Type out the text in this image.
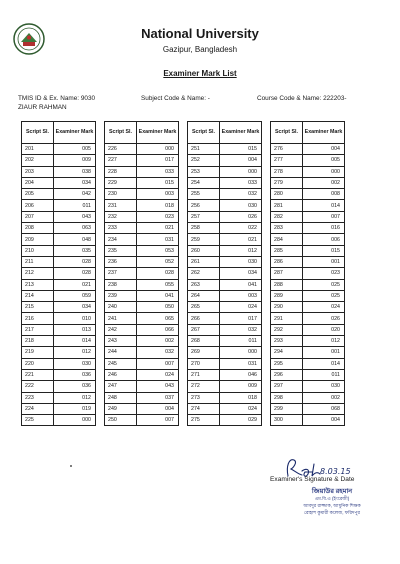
National University
Gazipur, Bangladesh
Examiner Mark List
TMIS ID & Ex. Name: 9030
ZIAUR RAHMAN
Subject Code & Name: -	Course Code & Name: 222203-
Script Sl.	Examiner Mark
201	005
202	009
203	038
204	034
205	042
206	011
207	043
208	063
209	048
210	035
211	028
212	028
213	021
214	059
215	034
216	010
217	013
218	014
219	012
220	030
221	036
222	036
223	012
224	019
225	000
Script Sl.	Examiner Mark
226	000
227	017
228	033
229	015
230	003
231	018
232	023
233	021
234	031
235	053
236	052
237	028
238	055
239	041
240	050
241	065
242	066
243	002
244	032
245	007
246	024
247	043
248	037
249	004
250	007
Script Sl.	Examiner Mark
251	015
252	004
253	000
254	033
255	032
256	030
257	026
258	022
259	021
260	012
261	030
262	034
263	041
264	003
265	024
266	017
267	032
268	011
269	000
270	031
271	046
272	009
273	018
274	024
275	029
Script Sl.	Examiner Mark
276	004
277	005
278	000
279	002
280	008
281	014
282	007
283	016
284	006
285	015
286	001
287	023
288	025
289	025
290	024
291	026
292	020
293	012
294	001
295	014
296	011
297	030
298	002
299	068
300	004
8.03.15
Examiner's Signature & Date
জিয়াউর রহমান
এম.বি.এ (ইংরেজী)
আবদুর রাজ্জাক, আধুনিক শিক্ষক
রোহাশ কুমারী কলেজ, ফরিদপুর
